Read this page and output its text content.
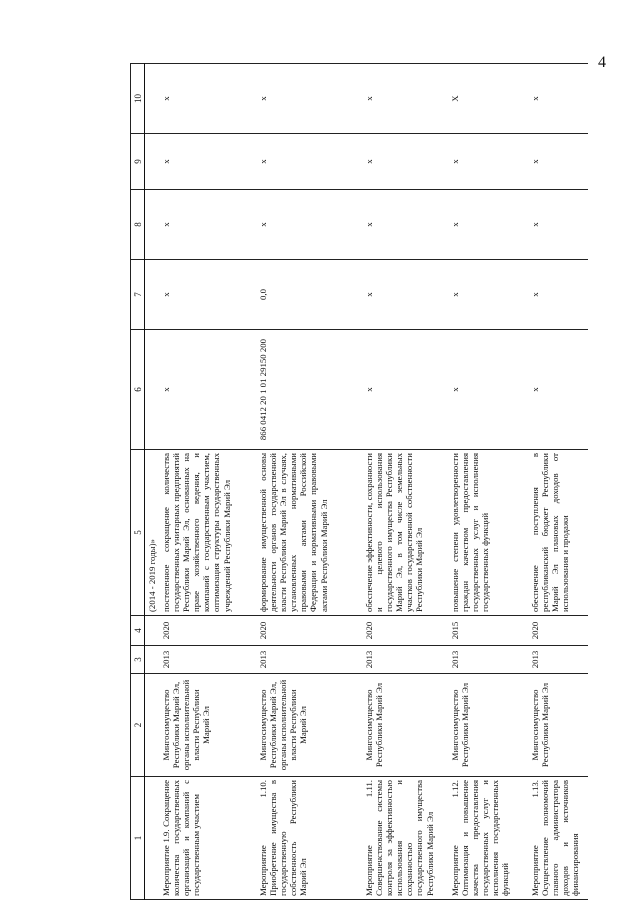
4
1	2	3	4	5	6	7	8	9	10
				(2014 - 2019 годы)»					
Мероприятие 1.9. Сокращение количества государственных организаций и компаний с государственным участием	Мингосимущество Республики Марий Эл, органы исполнительной власти Республики Марий Эл	2013	2020	постепенное сокращение количества государственных унитарных предприятий Республики Марий Эл, основанных на праве хозяйственного ведения, и компаний с государственным участием, оптимизация структуры государственных учреждений Республики Марий Эл	x	x	x	x	x
Мероприятие 1.10. Приобретение имущества в государственную собственность Республики Марий Эл	Мингосимущество Республики Марий Эл, органы исполнительной власти Республики Марий Эл	2013	2020	формирование имущественной основы деятельности органов государственной власти Республики Марий Эл в случаях, установленных нормативными правовыми актами Российской Федерации и нормативными правовыми актами Республики Марий Эл	866 0412 20 1 01 29150 200	0,0	x	x	x
Мероприятие 1.11. Совершенствование системы контроля за эффективностью использования и сохранностью государственного имущества Республики Марий Эл	Мингосимущество Республики Марий Эл	2013	2020	обеспечение эффективности, сохранности и целевого использования государственного имущества Республики Марий Эл, в том числе земельных участков государственной собственности Республики Марий Эл	x	x	x	x	x
Мероприятие 1.12. Оптимизация и повышение качества предоставления государственных услуг и исполнения государственных функций	Мингосимущество Республики Марий Эл	2013	2015	повышение степени удовлетворенности граждан качеством предоставления государственных услуг и исполнения государственных функций	x	x	x	x	X
Мероприятие 1.13. Осуществление полномочий главного администратора доходов и источников финансирования	Мингосимущество Республики Марий Эл	2013	2020	обеспечение поступления в республиканский бюджет Республики Марий Эл плановых доходов от использования и продажи	x	x	x	x	x
